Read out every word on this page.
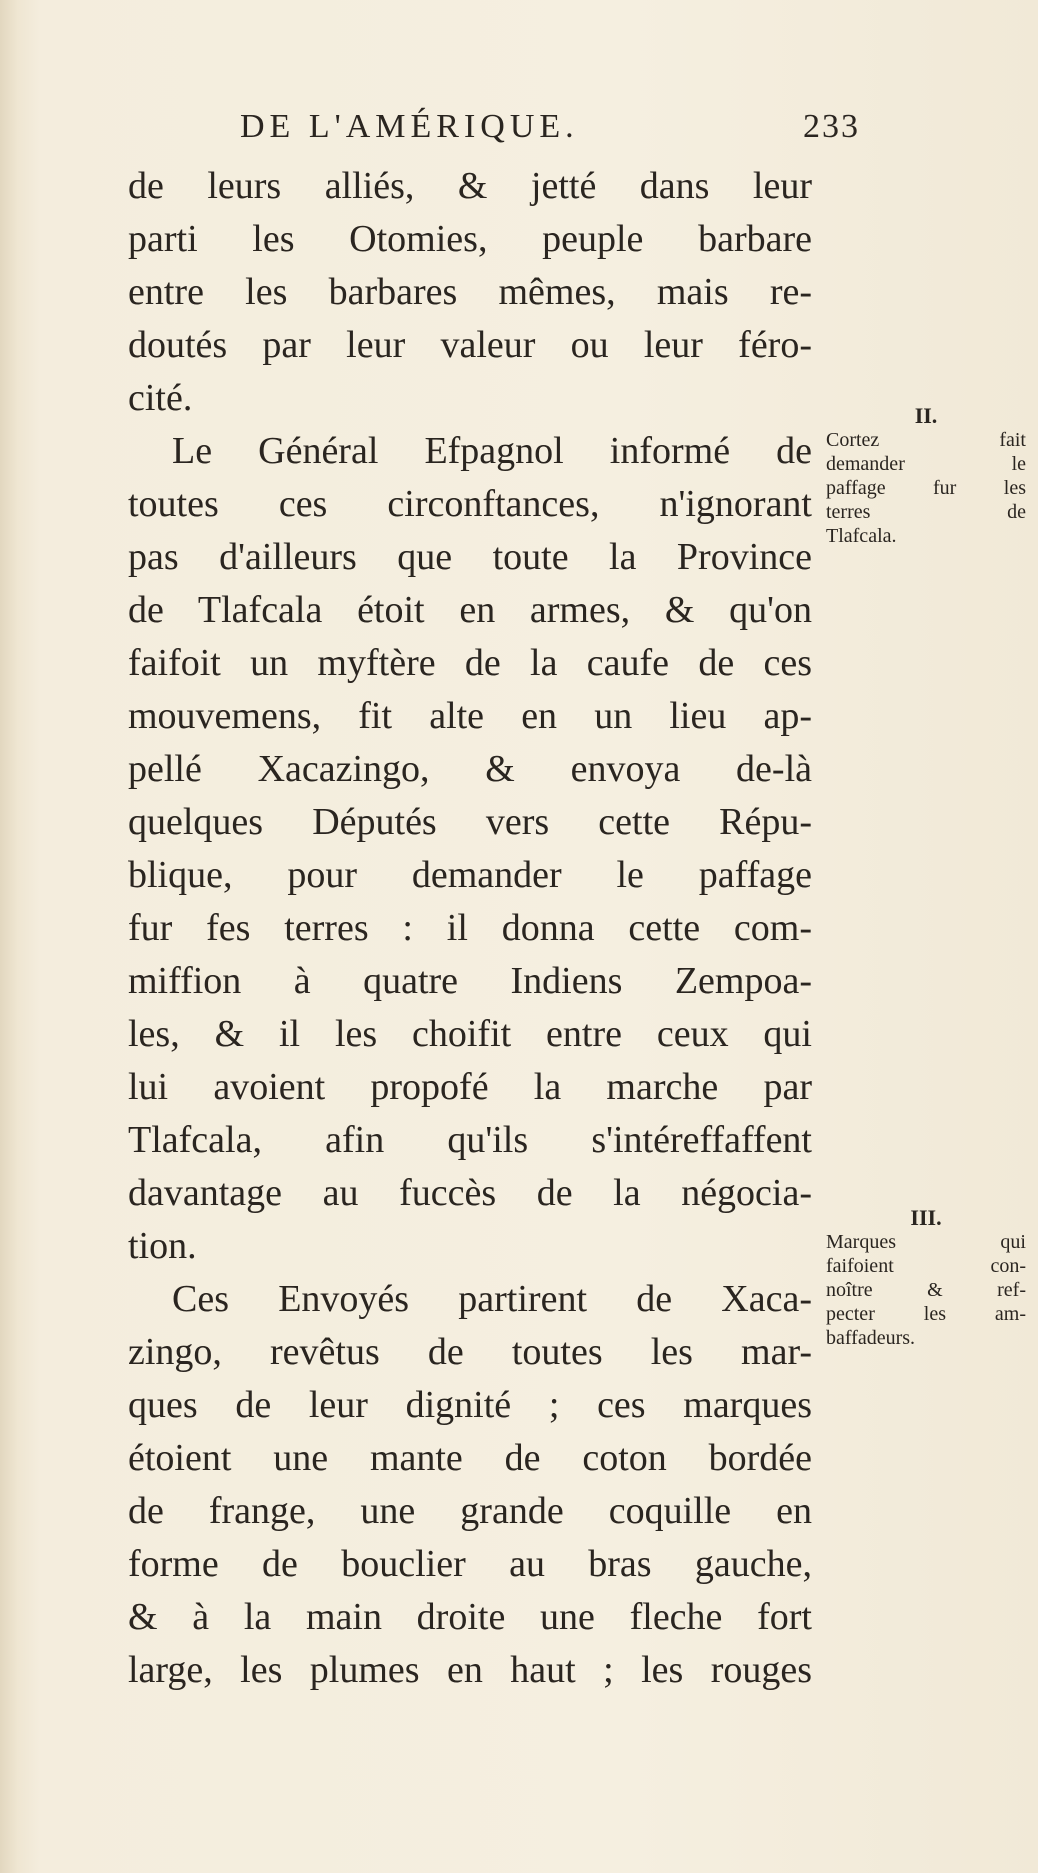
DE L'AMÉRIQUE.	233
de leurs alliés, & jetté dans leur
parti les Otomies, peuple barbare
entre les barbares mêmes, mais re-
doutés par leur valeur ou leur féro-
cité.
Le Général Efpagnol informé de
toutes ces circonftances, n'ignorant
pas d'ailleurs que toute la Province
de Tlafcala étoit en armes, & qu'on
faifoit un myftère de la caufe de ces
mouvemens, fit alte en un lieu ap-
pellé Xacazingo, & envoya de-là
quelques Députés vers cette Répu-
blique, pour demander le paffage
fur fes terres : il donna cette com-
miffion à quatre Indiens Zempoa-
les, & il les choifit entre ceux qui
lui avoient propofé la marche par
Tlafcala, afin qu'ils s'intéreffaffent
davantage au fuccès de la négocia-
tion.
Ces Envoyés partirent de Xaca-
zingo, revêtus de toutes les mar-
ques de leur dignité ; ces marques
étoient une mante de coton bordée
de frange, une grande coquille en
forme de bouclier au bras gauche,
& à la main droite une fleche fort
large, les plumes en haut ; les rouges
II.
Cortez fait
demander le
paffage fur les
terres de
Tlafcala.
III.
Marques qui
faifoient con-
noître & ref-
pecter les am-
baffadeurs.
